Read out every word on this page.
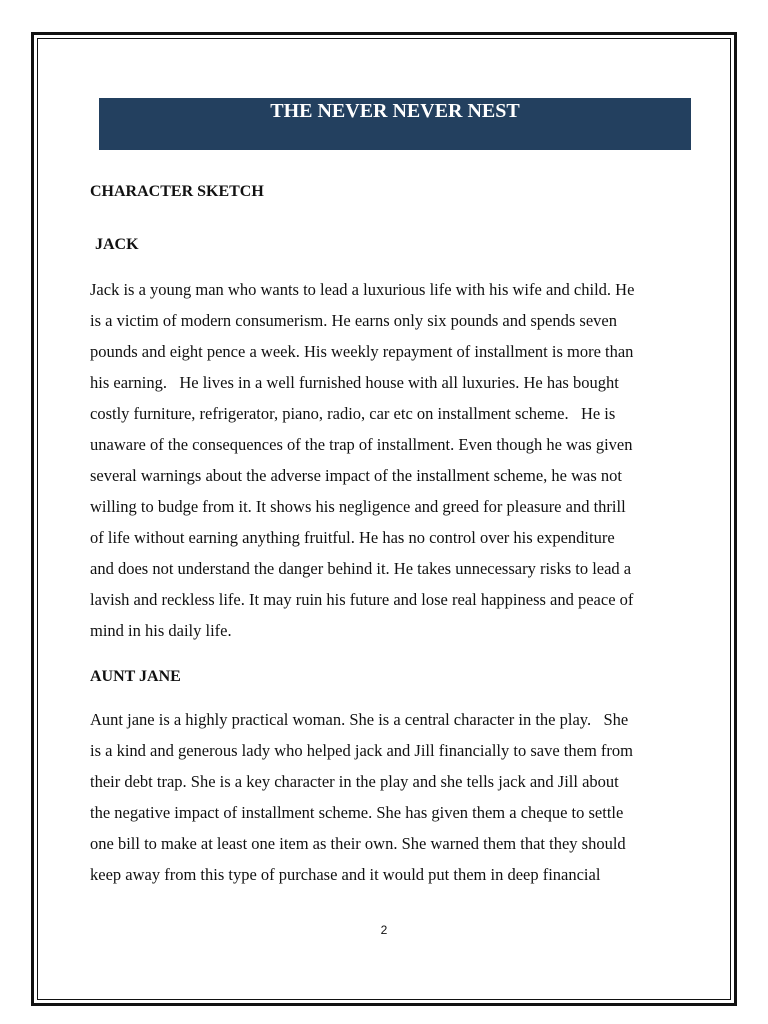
THE NEVER NEVER NEST
CHARACTER SKETCH
JACK
Jack is a young man who wants to lead a luxurious life with his wife and child. He
is a victim of modern consumerism. He earns only six pounds and spends seven
pounds and eight pence a week. His weekly repayment of installment is more than
his earning.   He lives in a well furnished house with all luxuries. He has bought
costly furniture, refrigerator, piano, radio, car etc on installment scheme.   He is
unaware of the consequences of the trap of installment. Even though he was given
several warnings about the adverse impact of the installment scheme, he was not
willing to budge from it. It shows his negligence and greed for pleasure and thrill
of life without earning anything fruitful. He has no control over his expenditure
and does not understand the danger behind it. He takes unnecessary risks to lead a
lavish and reckless life. It may ruin his future and lose real happiness and peace of
mind in his daily life.
AUNT JANE
Aunt jane is a highly practical woman. She is a central character in the play.   She
is a kind and generous lady who helped jack and Jill financially to save them from
their debt trap. She is a key character in the play and she tells jack and Jill about
the negative impact of installment scheme. She has given them a cheque to settle
one bill to make at least one item as their own. She warned them that they should
keep away from this type of purchase and it would put them in deep financial
2
